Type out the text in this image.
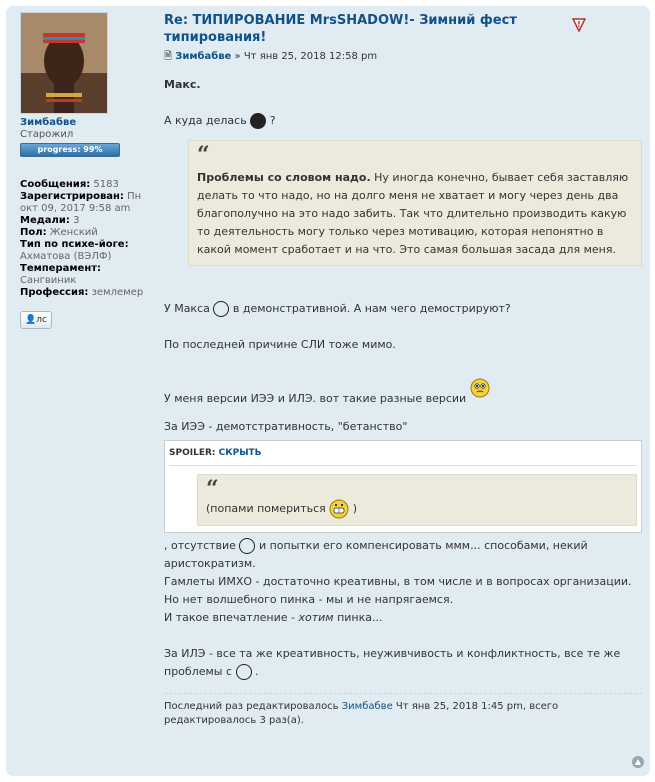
Зимбабве
Старожил
progress: 99%
Сообщения: 5183
Зарегистрирован: Пн окт 09, 2017 9:58 am
Медали: 3
Пол: Женский
Тип по психе-йоге:
Ахматова (ВЭЛФ)
Темперамент:
Сангвиник
Профессия: землемер
👤лс
Re: ТИПИРОВАНИЕ MrsSHADOW!- Зимний фест типирования!
!
🗎 Зимбабве » Чт янв 25, 2018 12:58 pm

Макс.

А куда делась ?

“
Проблемы со словом надо. Ну иногда конечно, бывает себя заставляю делать то что надо, но на долго меня не хватает и могу через день два благополучно на это надо забить. Так что длительно производить какую то деятельность могу только через мотивацию, которая непонятно в какой момент сработает и на что. Это самая большая засада для меня.

У Макса в демонстративной. А нам чего демострируют?

По последней причине СЛИ тоже мимо.

У меня версии ИЭЭ и ИЛЭ. вот такие разные версии

За ИЭЭ - демотстративность, "бетанство"

SPOILER: СКРЫТЬ
“
(попами помериться )

, отсутствие и попытки его компенсировать ммм... способами, некий аристократизм.

Гамлеты ИМХО - достаточно креативны, в том числе и в вопросах организации. Но нет волшебного пинка - мы и не напрягаемся.

И такое впечатление - хотим пинка...

За ИЛЭ - все та же креативность, неуживчивость и конфликтность, все те же проблемы с .

Последний раз редактировалось Зимбабве Чт янв 25, 2018 1:45 pm, всего редактировалось 3 раз(а).
▲
